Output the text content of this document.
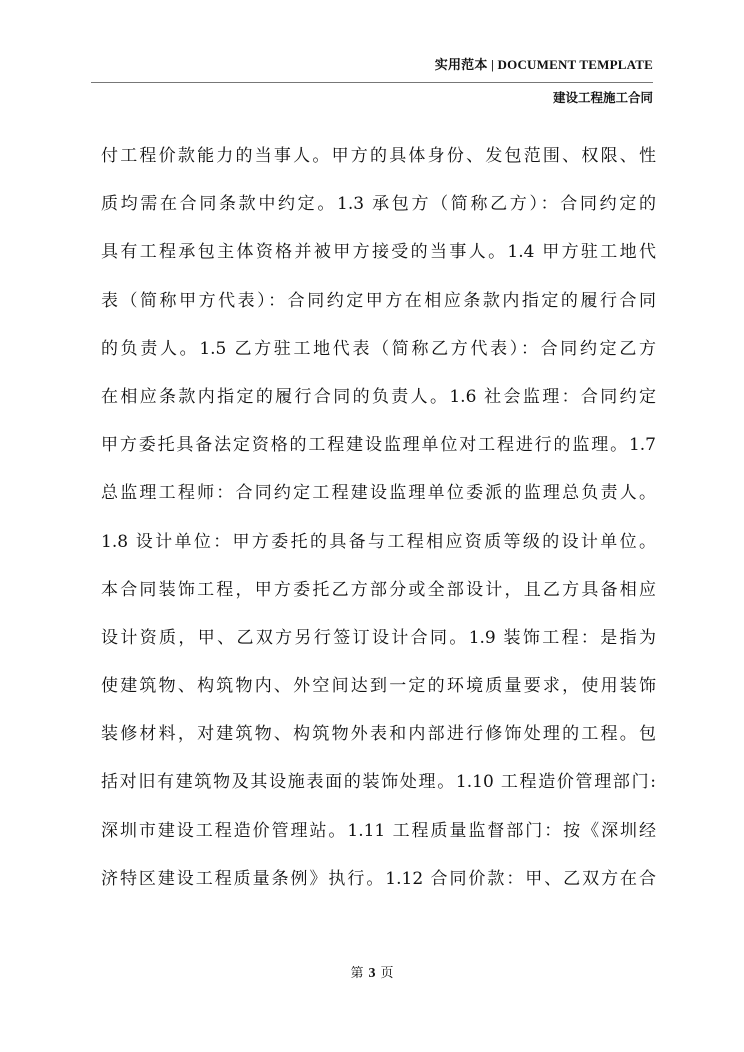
实用范本 | DOCUMENT TEMPLATE
建设工程施工合同
付工程价款能力的当事人。甲方的具体身份、发包范围、权限、性
质均需在合同条款中约定。1.3 承包方（简称乙方）：合同约定的
具有工程承包主体资格并被甲方接受的当事人。1.4 甲方驻工地代
表（简称甲方代表）：合同约定甲方在相应条款内指定的履行合同
的负责人。1.5 乙方驻工地代表（简称乙方代表）：合同约定乙方
在相应条款内指定的履行合同的负责人。1.6 社会监理：合同约定
甲方委托具备法定资格的工程建设监理单位对工程进行的监理。1.7
总监理工程师：合同约定工程建设监理单位委派的监理总负责人。
1.8 设计单位：甲方委托的具备与工程相应资质等级的设计单位。
本合同装饰工程，甲方委托乙方部分或全部设计，且乙方具备相应
设计资质，甲、乙双方另行签订设计合同。1.9 装饰工程：是指为
使建筑物、构筑物内、外空间达到一定的环境质量要求，使用装饰
装修材料，对建筑物、构筑物外表和内部进行修饰处理的工程。包
括对旧有建筑物及其设施表面的装饰处理。1.10 工程造价管理部门:
深圳市建设工程造价管理站。1.11 工程质量监督部门：按《深圳经
济特区建设工程质量条例》执行。1.12 合同价款：甲、乙双方在合
第 3 页
